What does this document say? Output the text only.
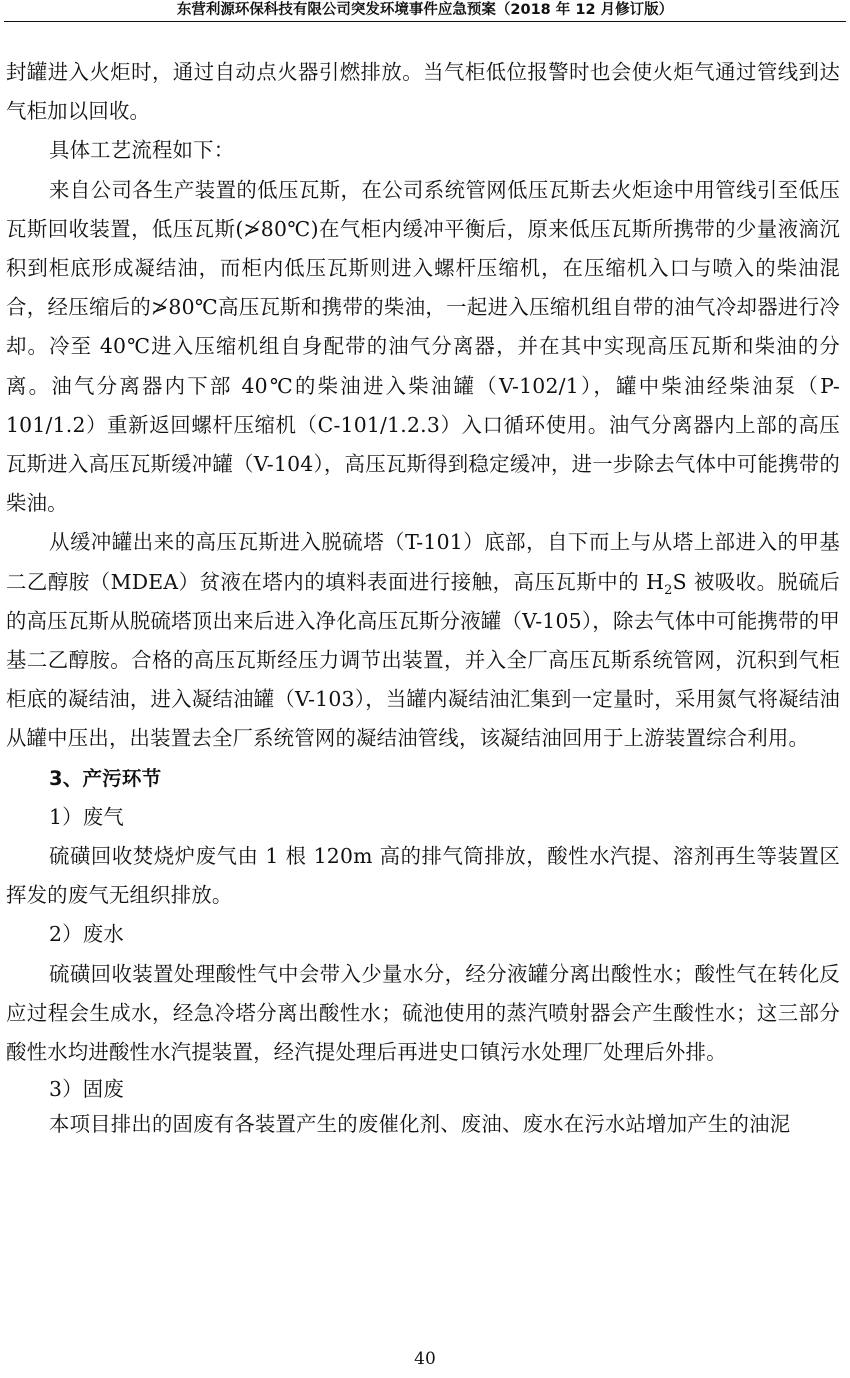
东营利源环保科技有限公司突发环境事件应急预案（2018 年 12 月修订版）

封罐进入火炬时，通过自动点火器引燃排放。当气柜低位报警时也会使火炬气通过管线到达气柜加以回收。

具体工艺流程如下：

来自公司各生产装置的低压瓦斯，在公司系统管网低压瓦斯去火炬途中用管线引至低压瓦斯回收装置，低压瓦斯(≯80℃)在气柜内缓冲平衡后，原来低压瓦斯所携带的少量液滴沉积到柜底形成凝结油，而柜内低压瓦斯则进入螺杆压缩机，在压缩机入口与喷入的柴油混合，经压缩后的≯80℃高压瓦斯和携带的柴油，一起进入压缩机组自带的油气冷却器进行冷却。冷至 40℃进入压缩机组自身配带的油气分离器，并在其中实现高压瓦斯和柴油的分离。油气分离器内下部 40℃的柴油进入柴油罐（V-102/1），罐中柴油经柴油泵（P-101/1.2）重新返回螺杆压缩机（C-101/1.2.3）入口循环使用。油气分离器内上部的高压瓦斯进入高压瓦斯缓冲罐（V-104），高压瓦斯得到稳定缓冲，进一步除去气体中可能携带的柴油。

从缓冲罐出来的高压瓦斯进入脱硫塔（T-101）底部，自下而上与从塔上部进入的甲基二乙醇胺（MDEA）贫液在塔内的填料表面进行接触，高压瓦斯中的 $H_2S$ 被吸收。脱硫后的高压瓦斯从脱硫塔顶出来后进入净化高压瓦斯分液罐（V-105），除去气体中可能携带的甲基二乙醇胺。合格的高压瓦斯经压力调节出装置，并入全厂高压瓦斯系统管网，沉积到气柜柜底的凝结油，进入凝结油罐（V-103），当罐内凝结油汇集到一定量时，采用氮气将凝结油从罐中压出，出装置去全厂系统管网的凝结油管线，该凝结油回用于上游装置综合利用。

3、产污环节

1）废气

硫磺回收焚烧炉废气由 1 根 120m 高的排气筒排放，酸性水汽提、溶剂再生等装置区挥发的废气无组织排放。

2）废水

硫磺回收装置处理酸性气中会带入少量水分，经分液罐分离出酸性水；酸性气在转化反应过程会生成水，经急冷塔分离出酸性水；硫池使用的蒸汽喷射器会产生酸性水；这三部分酸性水均进酸性水汽提装置，经汽提处理后再进史口镇污水处理厂处理后外排。

3）固废

本项目排出的固废有各装置产生的废催化剂、废油、废水在污水站增加产生的油泥

40
